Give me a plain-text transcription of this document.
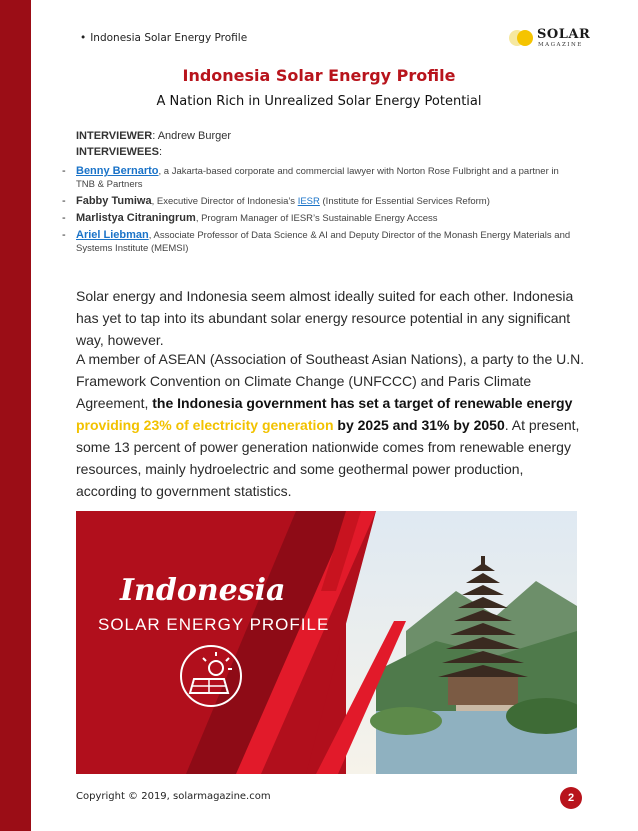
• Indonesia Solar Energy Profile	SOLAR
MAGAZINE
Indonesia Solar Energy Profile
A Nation Rich in Unrealized Solar Energy Potential
INTERVIEWER: Andrew Burger
INTERVIEWEES:
- Benny Bernarto, a Jakarta-based corporate and commercial lawyer with Norton Rose Fulbright and a partner in TNB & Partners
- Fabby Tumiwa, Executive Director of Indonesia’s IESR (Institute for Essential Services Reform)
- Marlistya Citraningrum, Program Manager of IESR’s Sustainable Energy Access
- Ariel Liebman, Associate Professor of Data Science & AI and Deputy Director of the Monash Energy Materials and Systems Institute (MEMSI)
Solar energy and Indonesia seem almost ideally suited for each other. Indonesia has yet to tap into its abundant solar energy resource potential in any significant way, however.
A member of ASEAN (Association of Southeast Asian Nations), a party to the U.N. Framework Convention on Climate Change (UNFCCC) and Paris Climate Agreement, the Indonesia government has set a target of renewable energy providing 23% of electricity generation by 2025 and 31% by 2050. At present, some 13 percent of power generation nationwide comes from renewable energy resources, mainly hydroelectric and some geothermal power production, according to government statistics.
Indonesia
SOLAR ENERGY PROFILE
Copyright © 2019, solarmagazine.com	2
